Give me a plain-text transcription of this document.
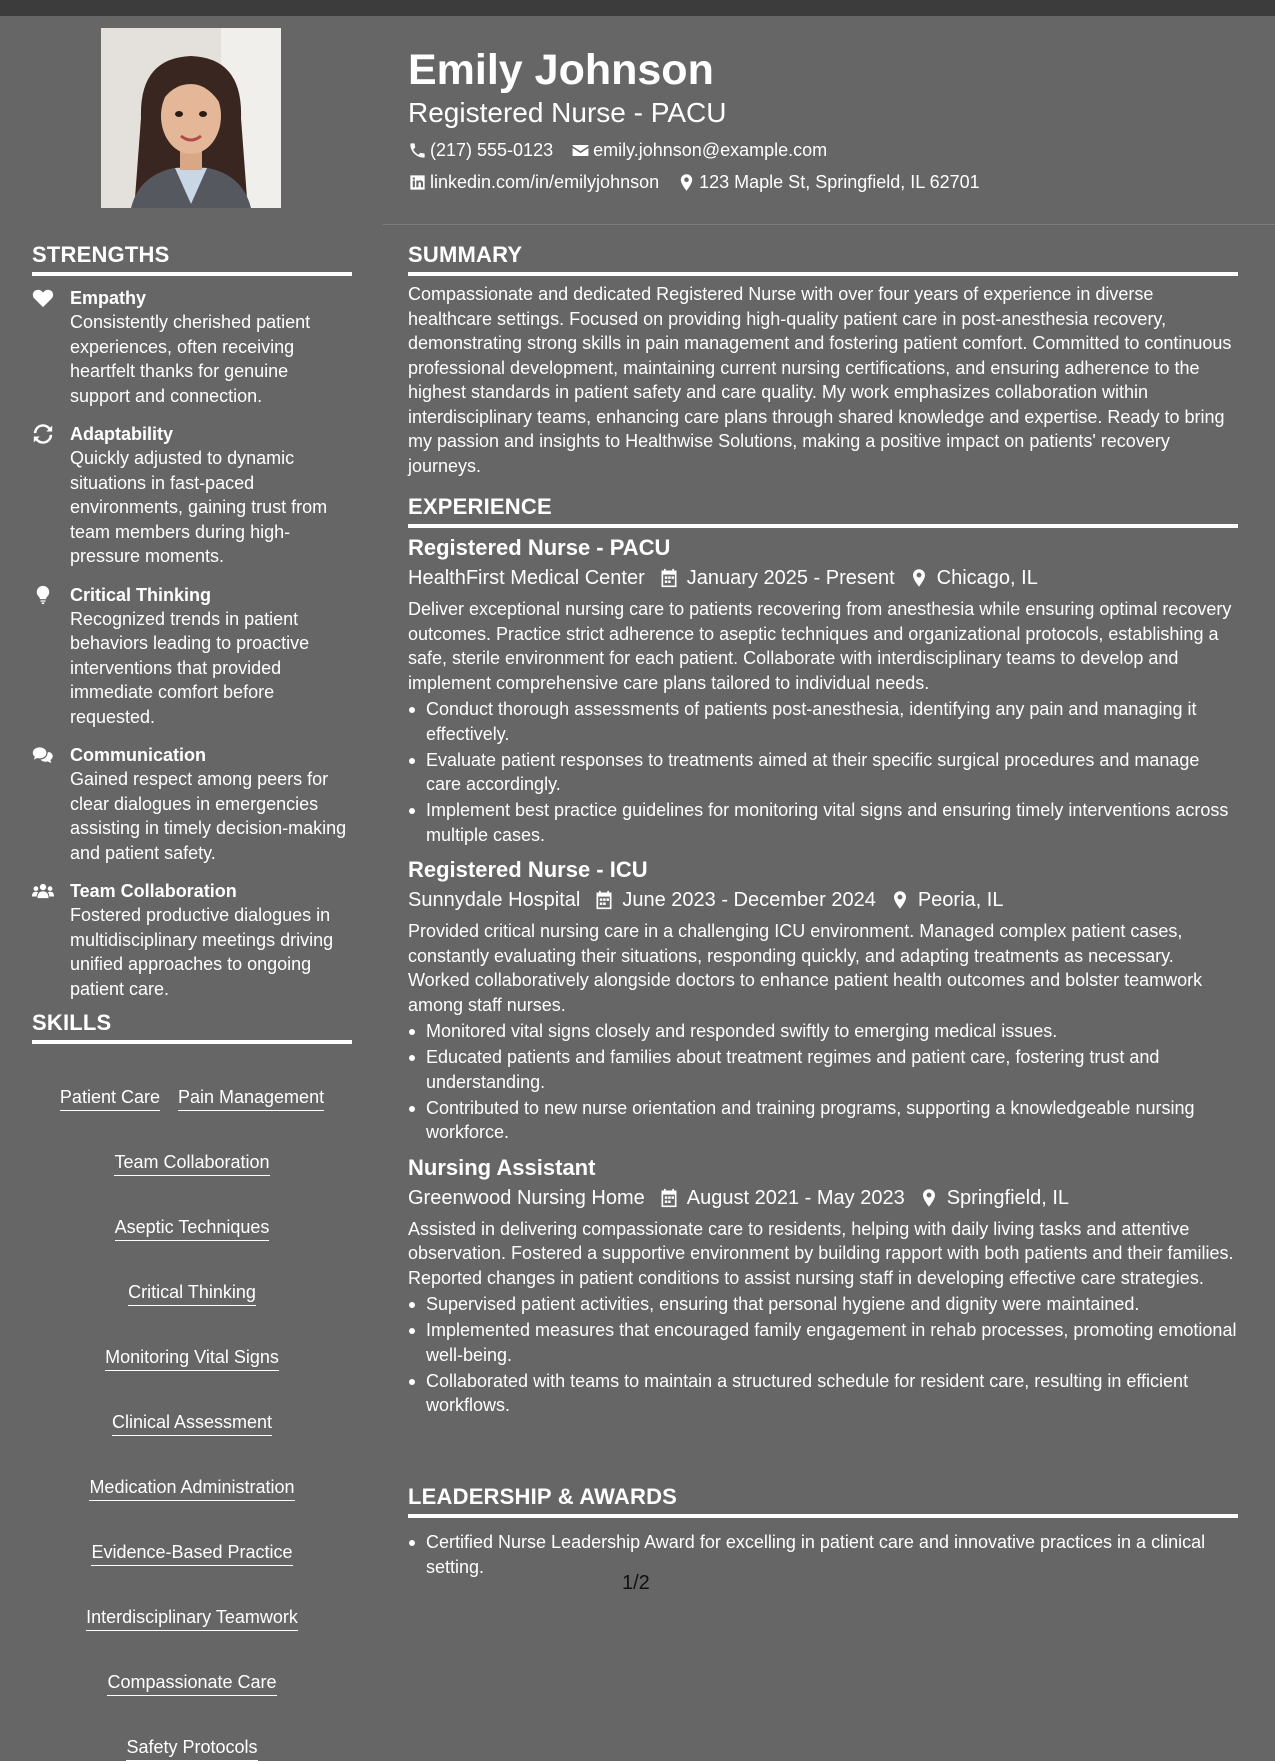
STRENGTHS
Empathy
Consistently cherished patient experiences, often receiving heartfelt thanks for genuine support and connection.
Adaptability
Quickly adjusted to dynamic situations in fast-paced environments, gaining trust from team members during high-pressure moments.
Critical Thinking
Recognized trends in patient behaviors leading to proactive interventions that provided immediate comfort before requested.
Communication
Gained respect among peers for clear dialogues in emergencies assisting in timely decision-making and patient safety.
Team Collaboration
Fostered productive dialogues in multidisciplinary meetings driving unified approaches to ongoing patient care.
SKILLS
Patient Care Pain Management
Team Collaboration
Aseptic Techniques
Critical Thinking
Monitoring Vital Signs
Clinical Assessment
Medication Administration
Evidence-Based Practice
Interdisciplinary Teamwork
Compassionate Care
Safety Protocols
Emily Johnson
Registered Nurse - PACU
(217) 555-0123 emily.johnson@example.com
linkedin.com/in/emilyjohnson 123 Maple St, Springfield, IL 62701
SUMMARY
Compassionate and dedicated Registered Nurse with over four years of experience in diverse healthcare settings. Focused on providing high-quality patient care in post-anesthesia recovery, demonstrating strong skills in pain management and fostering patient comfort. Committed to continuous professional development, maintaining current nursing certifications, and ensuring adherence to the highest standards in patient safety and care quality. My work emphasizes collaboration within interdisciplinary teams, enhancing care plans through shared knowledge and expertise. Ready to bring my passion and insights to Healthwise Solutions, making a positive impact on patients' recovery journeys.
EXPERIENCE
Registered Nurse - PACU
HealthFirst Medical Center January 2025 - Present Chicago, IL
Deliver exceptional nursing care to patients recovering from anesthesia while ensuring optimal recovery outcomes. Practice strict adherence to aseptic techniques and organizational protocols, establishing a safe, sterile environment for each patient. Collaborate with interdisciplinary teams to develop and implement comprehensive care plans tailored to individual needs.
Conduct thorough assessments of patients post-anesthesia, identifying any pain and managing it effectively.
Evaluate patient responses to treatments aimed at their specific surgical procedures and manage care accordingly.
Implement best practice guidelines for monitoring vital signs and ensuring timely interventions across multiple cases.
Registered Nurse - ICU
Sunnydale Hospital June 2023 - December 2024 Peoria, IL
Provided critical nursing care in a challenging ICU environment. Managed complex patient cases, constantly evaluating their situations, responding quickly, and adapting treatments as necessary. Worked collaboratively alongside doctors to enhance patient health outcomes and bolster teamwork among staff nurses.
Monitored vital signs closely and responded swiftly to emerging medical issues.
Educated patients and families about treatment regimes and patient care, fostering trust and understanding.
Contributed to new nurse orientation and training programs, supporting a knowledgeable nursing workforce.
Nursing Assistant
Greenwood Nursing Home August 2021 - May 2023 Springfield, IL
Assisted in delivering compassionate care to residents, helping with daily living tasks and attentive observation. Fostered a supportive environment by building rapport with both patients and their families. Reported changes in patient conditions to assist nursing staff in developing effective care strategies.
Supervised patient activities, ensuring that personal hygiene and dignity were maintained.
Implemented measures that encouraged family engagement in rehab processes, promoting emotional well-being.
Collaborated with teams to maintain a structured schedule for resident care, resulting in efficient workflows.
LEADERSHIP & AWARDS
Certified Nurse Leadership Award for excelling in patient care and innovative practices in a clinical setting.
1/2
